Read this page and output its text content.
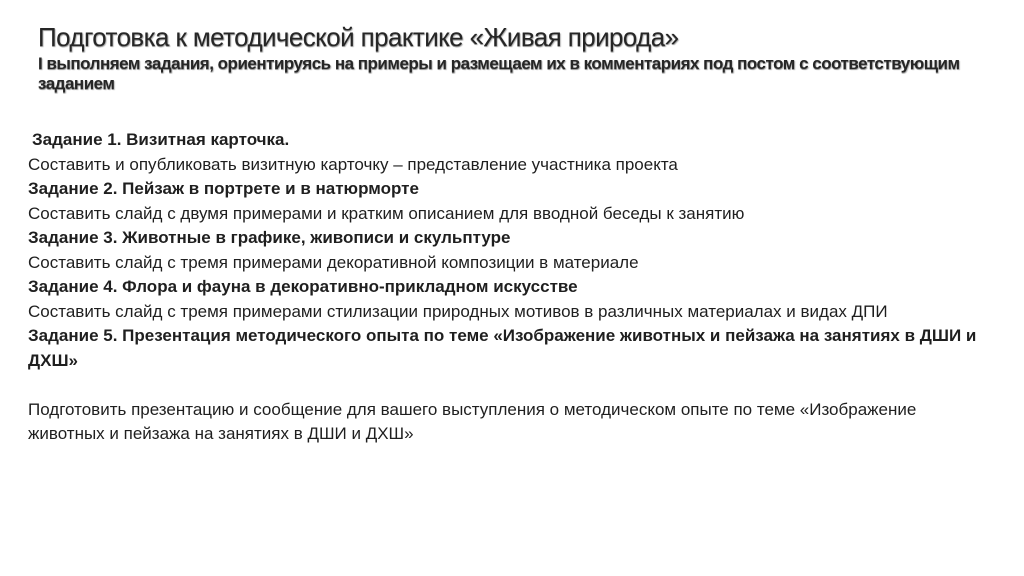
Подготовка к методической практике «Живая природа»
I выполняем задания, ориентируясь на примеры и размещаем их в комментариях под постом с соответствующим заданием
Задание 1. Визитная карточка.
Составить и опубликовать визитную карточку – представление участника проекта
Задание 2. Пейзаж в портрете и в натюрморте
Составить слайд с двумя примерами и кратким описанием для вводной беседы к занятию
Задание 3. Животные в графике, живописи и скульптуре
Составить слайд с тремя примерами декоративной композиции в материале
Задание 4. Флора и фауна в декоративно-прикладном искусстве
Составить слайд с тремя примерами стилизации природных мотивов в различных материалах и видах ДПИ
Задание 5. Презентация методического опыта по теме «Изображение животных и пейзажа на занятиях в ДШИ и ДХШ»
Подготовить презентацию и сообщение для вашего выступления о методическом опыте по теме «Изображение животных и пейзажа на занятиях в ДШИ и ДХШ»
